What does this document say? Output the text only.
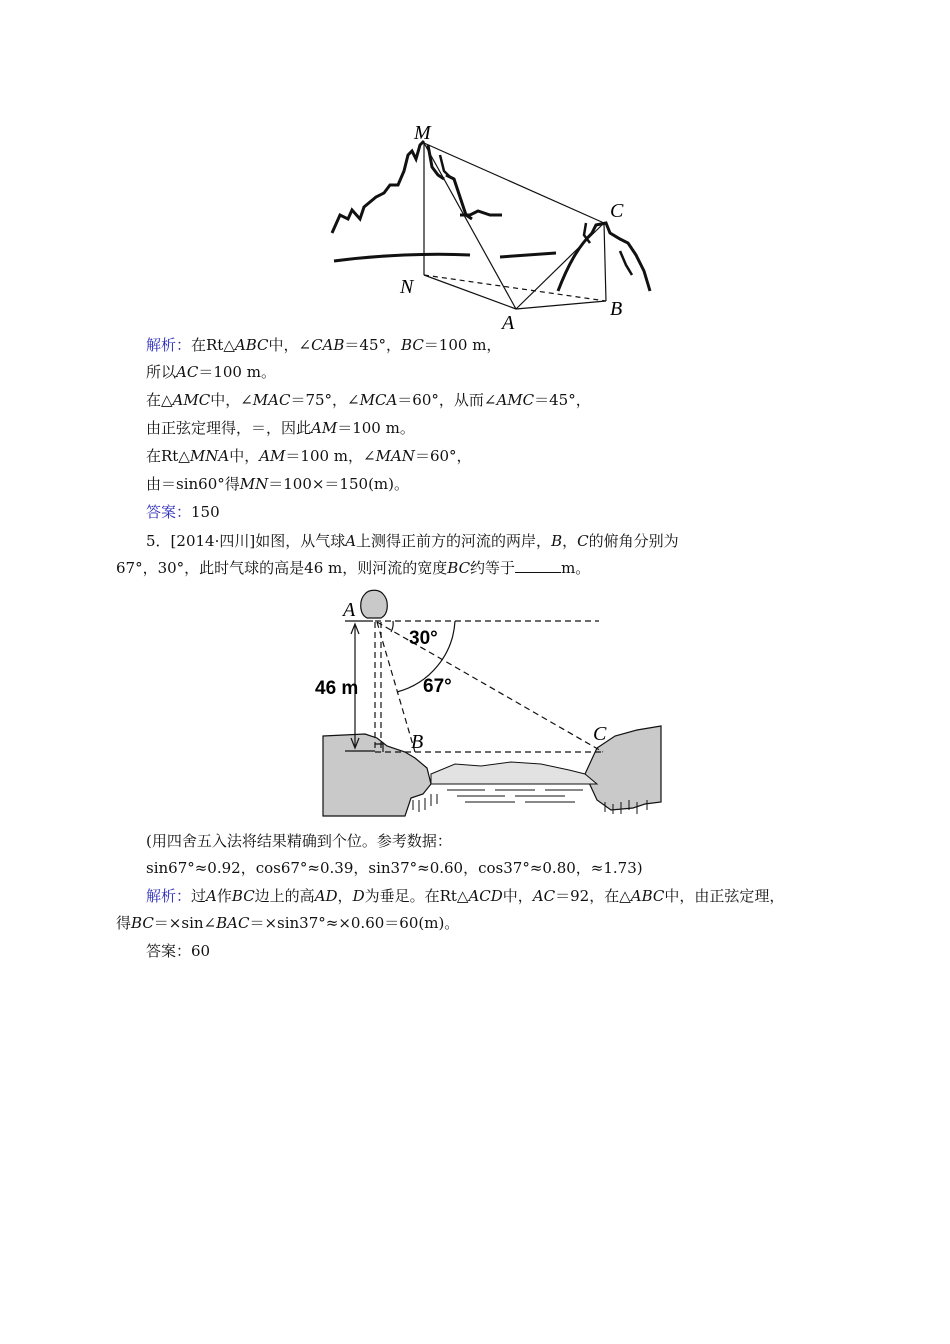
M
C
N
A
B
解析：在Rt△ABC中，∠CAB＝45°，BC＝100 m，
所以AC＝100 m。
在△AMC中，∠MAC＝75°，∠MCA＝60°，从而∠AMC＝45°，
由正弦定理得，＝，因此AM＝100 m。
在Rt△MNA中，AM＝100 m，∠MAN＝60°，
由＝sin60°得MN＝100×＝150(m)。
答案：150
5．[2014·四川]如图，从气球A上测得正前方的河流的两岸，B，C的俯角分别为
67°，30°，此时气球的高是46 m，则河流的宽度BC约等于	m。
A
B	C
30°
67°
46 m
(用四舍五入法将结果精确到个位。参考数据：
sin67°≈0.92，cos67°≈0.39，sin37°≈0.60，cos37°≈0.80，≈1.73)
解析：过A作BC边上的高AD，D为垂足。在Rt△ACD中，AC＝92，在△ABC中，由正弦定理，
得BC＝×sin∠BAC＝×sin37°≈×0.60＝60(m)。
答案：60
